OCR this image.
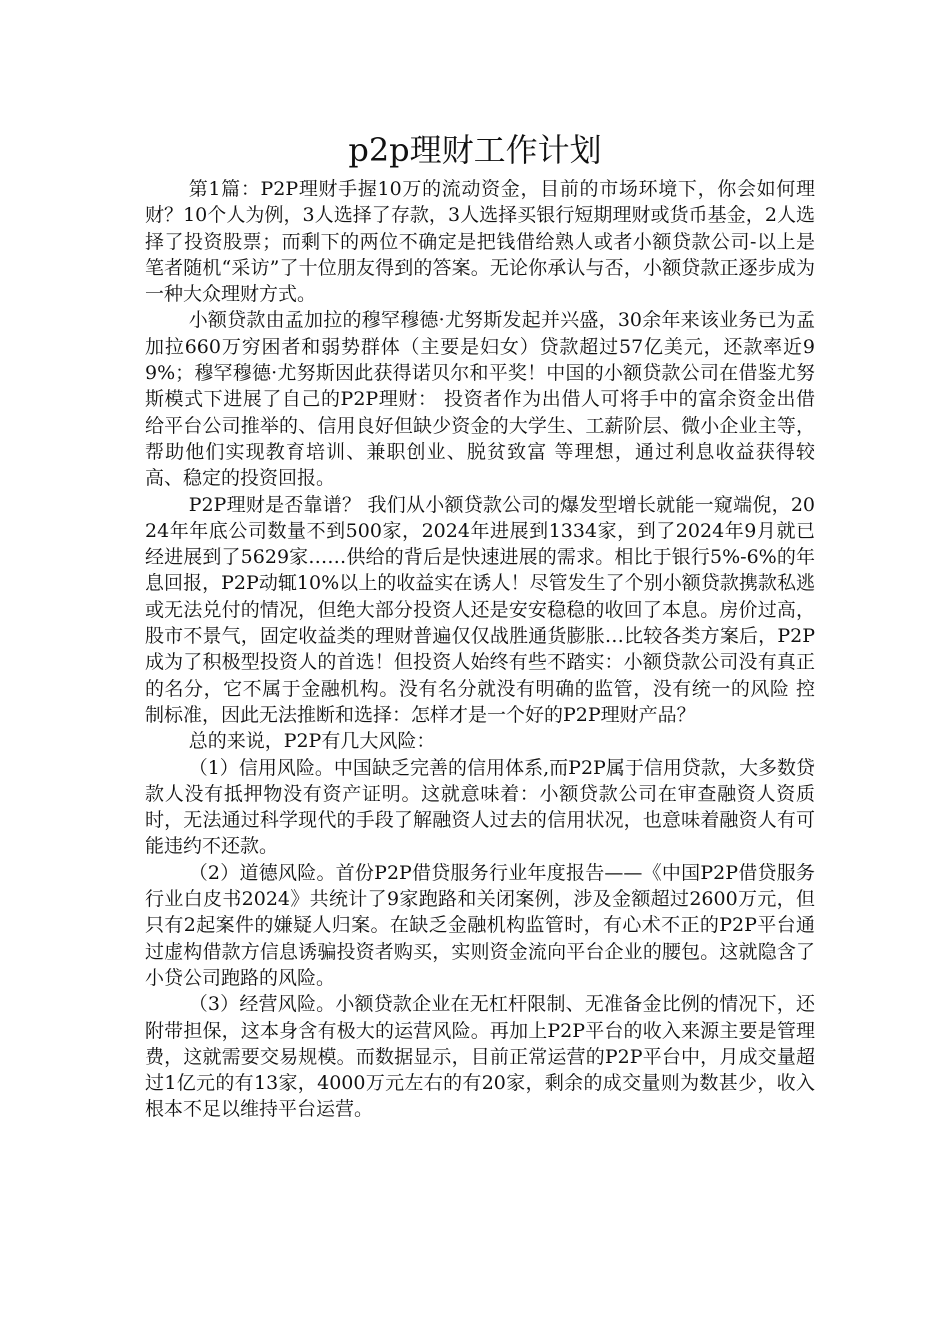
p2p理财工作计划

第1篇：P2P理财手握10万的流动资金，目前的市场环境下，你会如何理财？10个人为例，3人选择了存款，3人选择买银行短期理财或货币基金，2人选择了投资股票；而剩下的两位不确定是把钱借给熟人或者小额贷款公司-以上是笔者随机“采访”了十位朋友得到的答案。无论你承认与否，小额贷款正逐步成为一种大众理财方式。

小额贷款由孟加拉的穆罕穆德·尤努斯发起并兴盛，30余年来该业务已为孟加拉660万穷困者和弱势群体（主要是妇女）贷款超过57亿美元，还款率近99%；穆罕穆德·尤努斯因此获得诺贝尔和平奖！中国的小额贷款公司在借鉴尤努斯模式下进展了自己的P2P理财： 投资者作为出借人可将手中的富余资金出借给平台公司推举的、信用良好但缺少资金的大学生、工薪阶层、微小企业主等，帮助他们实现教育培训、兼职创业、脱贫致富 等理想，通过利息收益获得较高、稳定的投资回报。

P2P理财是否靠谱？ 我们从小额贷款公司的爆发型增长就能一窥端倪，2024年年底公司数量不到500家，2024年进展到1334家，到了2024年9月就已经进展到了5629家……供给的背后是快速进展的需求。相比于银行5%-6%的年息回报，P2P动辄10%以上的收益实在诱人！尽管发生了个别小额贷款携款私逃或无法兑付的情况，但绝大部分投资人还是安安稳稳的收回了本息。房价过高，股市不景气，固定收益类的理财普遍仅仅战胜通货膨胀…比较各类方案后，P2P成为了积极型投资人的首选！但投资人始终有些不踏实：小额贷款公司没有真正的名分，它不属于金融机构。没有名分就没有明确的监管，没有统一的风险 控制标准，因此无法推断和选择：怎样才是一个好的P2P理财产品？

总的来说，P2P有几大风险：

（1）信用风险。中国缺乏完善的信用体系,而P2P属于信用贷款，大多数贷款人没有抵押物没有资产证明。这就意味着：小额贷款公司在审查融资人资质时，无法通过科学现代的手段了解融资人过去的信用状况，也意味着融资人有可能违约不还款。

（2）道德风险。首份P2P借贷服务行业年度报告——《中国P2P借贷服务行业白皮书2024》共统计了9家跑路和关闭案例，涉及金额超过2600万元，但只有2起案件的嫌疑人归案。在缺乏金融机构监管时，有心术不正的P2P平台通过虚构借款方信息诱骗投资者购买，实则资金流向平台企业的腰包。这就隐含了小贷公司跑路的风险。

（3）经营风险。小额贷款企业在无杠杆限制、无准备金比例的情况下，还附带担保，这本身含有极大的运营风险。再加上P2P平台的收入来源主要是管理费，这就需要交易规模。而数据显示，目前正常运营的P2P平台中，月成交量超过1亿元的有13家，4000万元左右的有20家，剩余的成交量则为数甚少，收入根本不足以维持平台运营。
